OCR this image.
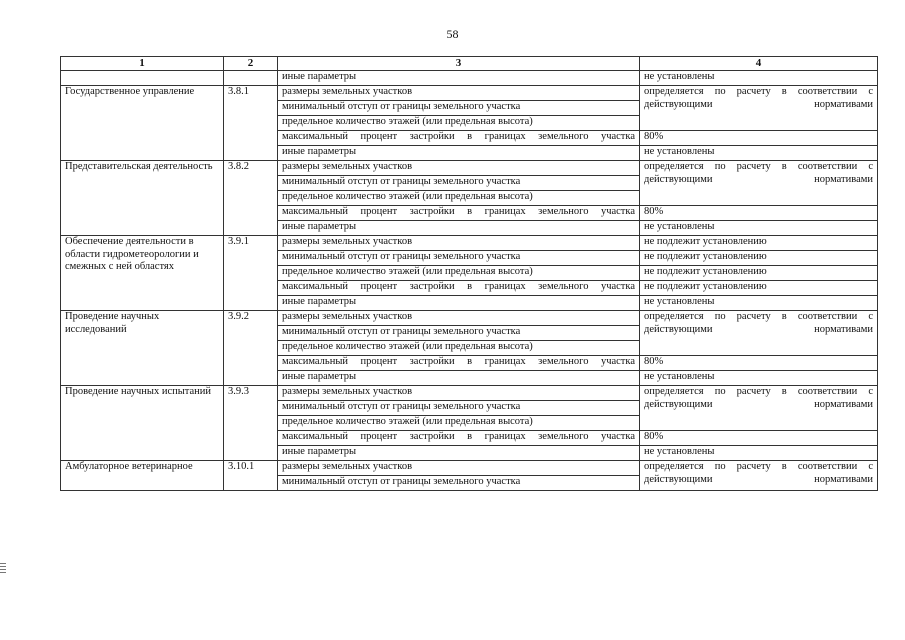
58
1	2	3	4
		иные параметры	не установлены
Государственное управление	3.8.1	размеры земельных участков	определяется по расчету в соответствии с действующими нормативами
		минимальный отступ от границы земельного участка	
		предельное количество этажей (или предельная высота)	
		максимальный процент застройки в границах земельного участка	80%
		иные параметры	не установлены
Представительская деятельность	3.8.2	размеры земельных участков	определяется по расчету в соответствии с действующими нормативами
		минимальный отступ от границы земельного участка	
		предельное количество этажей (или предельная высота)	
		максимальный процент застройки в границах земельного участка	80%
		иные параметры	не установлены
Обеспечение деятельности в области гидрометеорологии и смежных с ней областях	3.9.1	размеры земельных участков	не подлежит установлению
		минимальный отступ от границы земельного участка	не подлежит установлению
		предельное количество этажей (или предельная высота)	не подлежит установлению
		максимальный процент застройки в границах земельного участка	не подлежит установлению
		иные параметры	не установлены
Проведение научных исследований	3.9.2	размеры земельных участков	определяется по расчету в соответствии с действующими нормативами
		минимальный отступ от границы земельного участка	
		предельное количество этажей (или предельная высота)	
		максимальный процент застройки в границах земельного участка	80%
		иные параметры	не установлены
Проведение научных испытаний	3.9.3	размеры земельных участков	определяется по расчету в соответствии с действующими нормативами
		минимальный отступ от границы земельного участка	
		предельное количество этажей (или предельная высота)	
		максимальный процент застройки в границах земельного участка	80%
		иные параметры	не установлены
Амбулаторное ветеринарное	3.10.1	размеры земельных участков	определяется по расчету в соответствии с действующими нормативами
		минимальный отступ от границы земельного участка	
